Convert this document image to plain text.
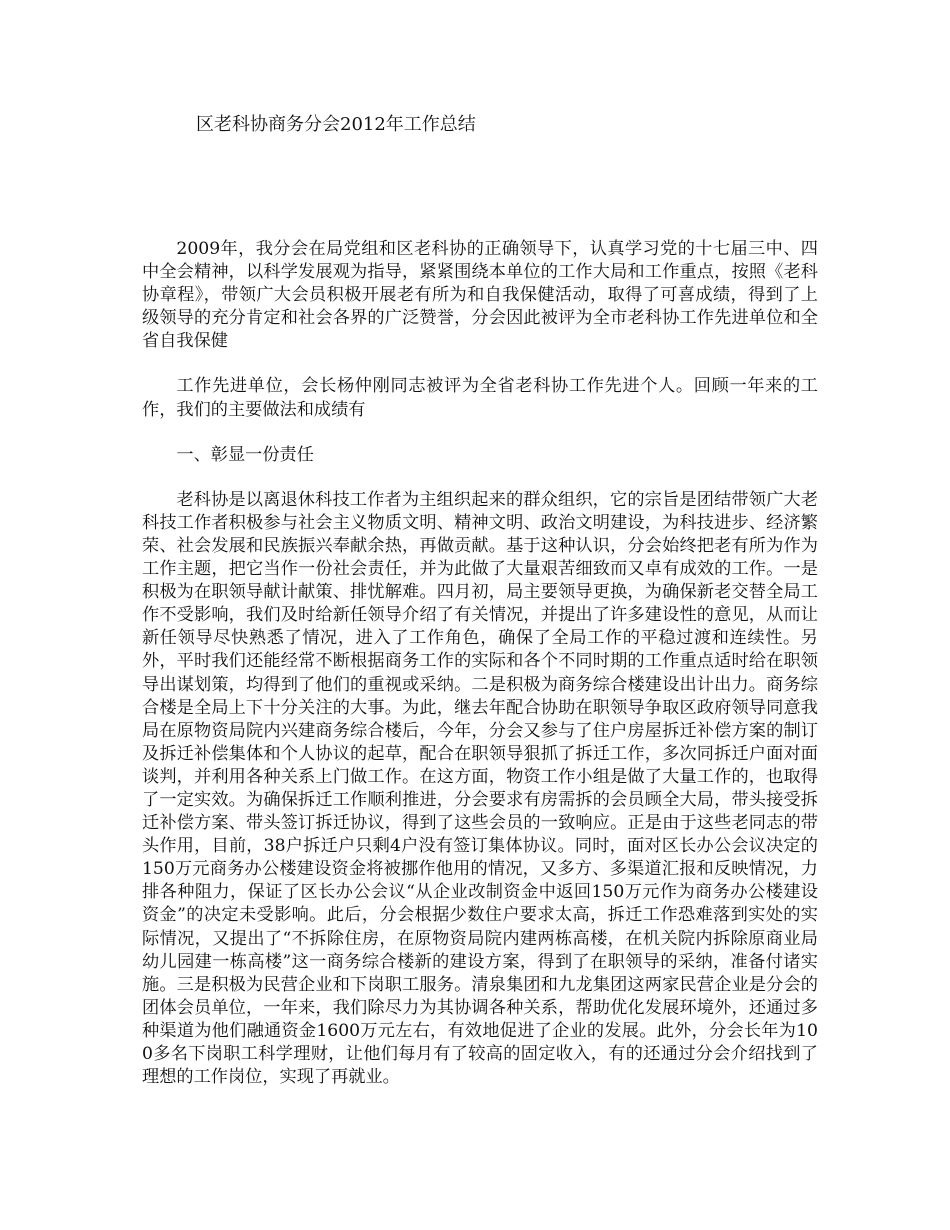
区老科协商务分会2012年工作总结

2009年，我分会在局党组和区老科协的正确领导下，认真学习党的十七届三中、四中全会精神，以科学发展观为指导，紧紧围绕本单位的工作大局和工作重点，按照《老科协章程》，带领广大会员积极开展老有所为和自我保健活动，取得了可喜成绩，得到了上级领导的充分肯定和社会各界的广泛赞誉，分会因此被评为全市老科协工作先进单位和全省自我保健

工作先进单位，会长杨仲刚同志被评为全省老科协工作先进个人。回顾一年来的工作，我们的主要做法和成绩有

一、彰显一份责任

老科协是以离退休科技工作者为主组织起来的群众组织，它的宗旨是团结带领广大老科技工作者积极参与社会主义物质文明、精神文明、政治文明建设，为科技进步、经济繁荣、社会发展和民族振兴奉献余热，再做贡献。基于这种认识，分会始终把老有所为作为工作主题，把它当作一份社会责任，并为此做了大量艰苦细致而又卓有成效的工作。一是积极为在职领导献计献策、排忧解难。四月初，局主要领导更换，为确保新老交替全局工作不受影响，我们及时给新任领导介绍了有关情况，并提出了许多建设性的意见，从而让新任领导尽快熟悉了情况，进入了工作角色，确保了全局工作的平稳过渡和连续性。另外，平时我们还能经常不断根据商务工作的实际和各个不同时期的工作重点适时给在职领导出谋划策，均得到了他们的重视或采纳。二是积极为商务综合楼建设出计出力。商务综合楼是全局上下十分关注的大事。为此，继去年配合协助在职领导争取区政府领导同意我局在原物资局院内兴建商务综合楼后，今年，分会又参与了住户房屋拆迁补偿方案的制订及拆迁补偿集体和个人协议的起草，配合在职领导狠抓了拆迁工作，多次同拆迁户面对面谈判，并利用各种关系上门做工作。在这方面，物资工作小组是做了大量工作的，也取得了一定实效。为确保拆迁工作顺利推进，分会要求有房需拆的会员顾全大局，带头接受拆迁补偿方案、带头签订拆迁协议，得到了这些会员的一致响应。正是由于这些老同志的带头作用，目前，38户拆迁户只剩4户没有签订集体协议。同时，面对区长办公会议决定的150万元商务办公楼建设资金将被挪作他用的情况，又多方、多渠道汇报和反映情况，力排各种阻力，保证了区长办公会议“从企业改制资金中返回150万元作为商务办公楼建设资金”的决定未受影响。此后，分会根据少数住户要求太高，拆迁工作恐难落到实处的实际情况，又提出了“不拆除住房，在原物资局院内建两栋高楼，在机关院内拆除原商业局幼儿园建一栋高楼”这一商务综合楼新的建设方案，得到了在职领导的采纳，准备付诸实施。三是积极为民营企业和下岗职工服务。清泉集团和九龙集团这两家民营企业是分会的团体会员单位，一年来，我们除尽力为其协调各种关系，帮助优化发展环境外，还通过多种渠道为他们融通资金1600万元左右，有效地促进了企业的发展。此外，分会长年为100多名下岗职工科学理财，让他们每月有了较高的固定收入，有的还通过分会介绍找到了理想的工作岗位，实现了再就业。
